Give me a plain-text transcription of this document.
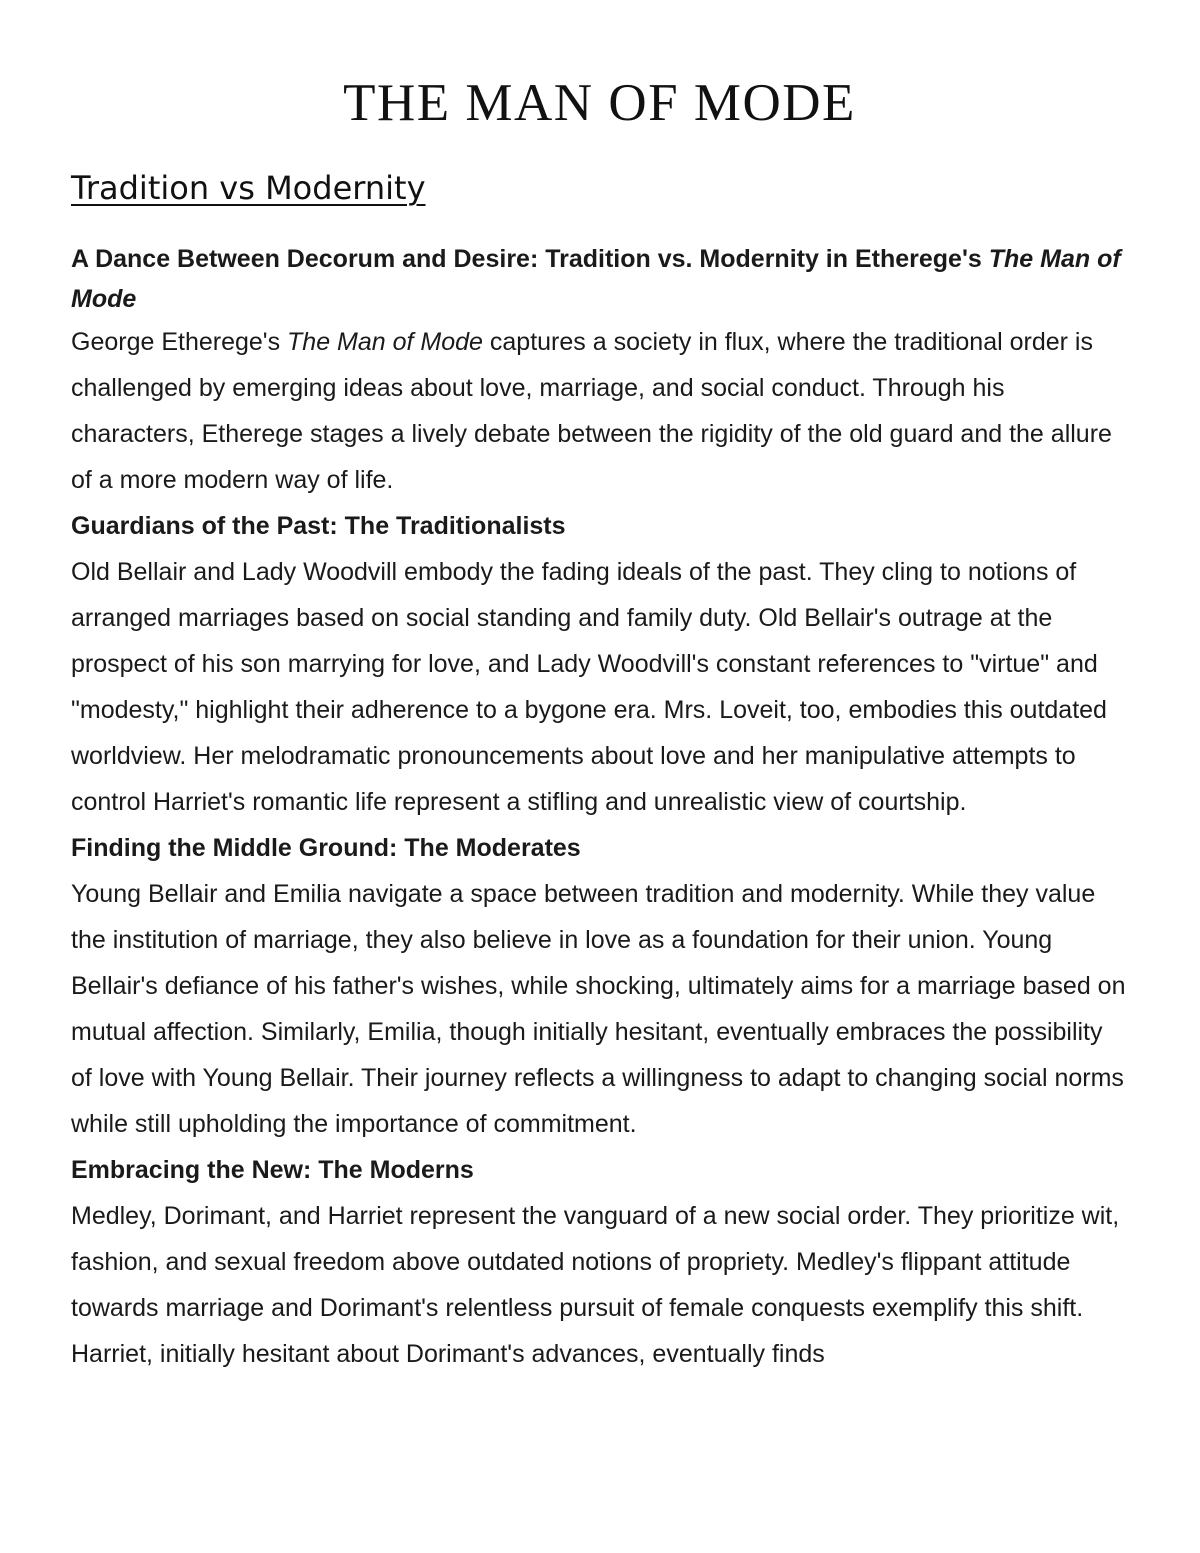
THE MAN OF MODE
Tradition vs Modernity

A Dance Between Decorum and Desire: Tradition vs. Modernity in Etherege's The Man of Mode

George Etherege's The Man of Mode captures a society in flux, where the traditional order is challenged by emerging ideas about love, marriage, and social conduct. Through his characters, Etherege stages a lively debate between the rigidity of the old guard and the allure of a more modern way of life.

Guardians of the Past: The Traditionalists

Old Bellair and Lady Woodvill embody the fading ideals of the past. They cling to notions of arranged marriages based on social standing and family duty. Old Bellair's outrage at the prospect of his son marrying for love, and Lady Woodvill's constant references to "virtue" and "modesty," highlight their adherence to a bygone era. Mrs. Loveit, too, embodies this outdated worldview. Her melodramatic pronouncements about love and her manipulative attempts to control Harriet's romantic life represent a stifling and unrealistic view of courtship.

Finding the Middle Ground: The Moderates

Young Bellair and Emilia navigate a space between tradition and modernity. While they value the institution of marriage, they also believe in love as a foundation for their union. Young Bellair's defiance of his father's wishes, while shocking, ultimately aims for a marriage based on mutual affection. Similarly, Emilia, though initially hesitant, eventually embraces the possibility of love with Young Bellair. Their journey reflects a willingness to adapt to changing social norms while still upholding the importance of commitment.

Embracing the New: The Moderns

Medley, Dorimant, and Harriet represent the vanguard of a new social order. They prioritize wit, fashion, and sexual freedom above outdated notions of propriety. Medley's flippant attitude towards marriage and Dorimant's relentless pursuit of female conquests exemplify this shift. Harriet, initially hesitant about Dorimant's advances, eventually finds
